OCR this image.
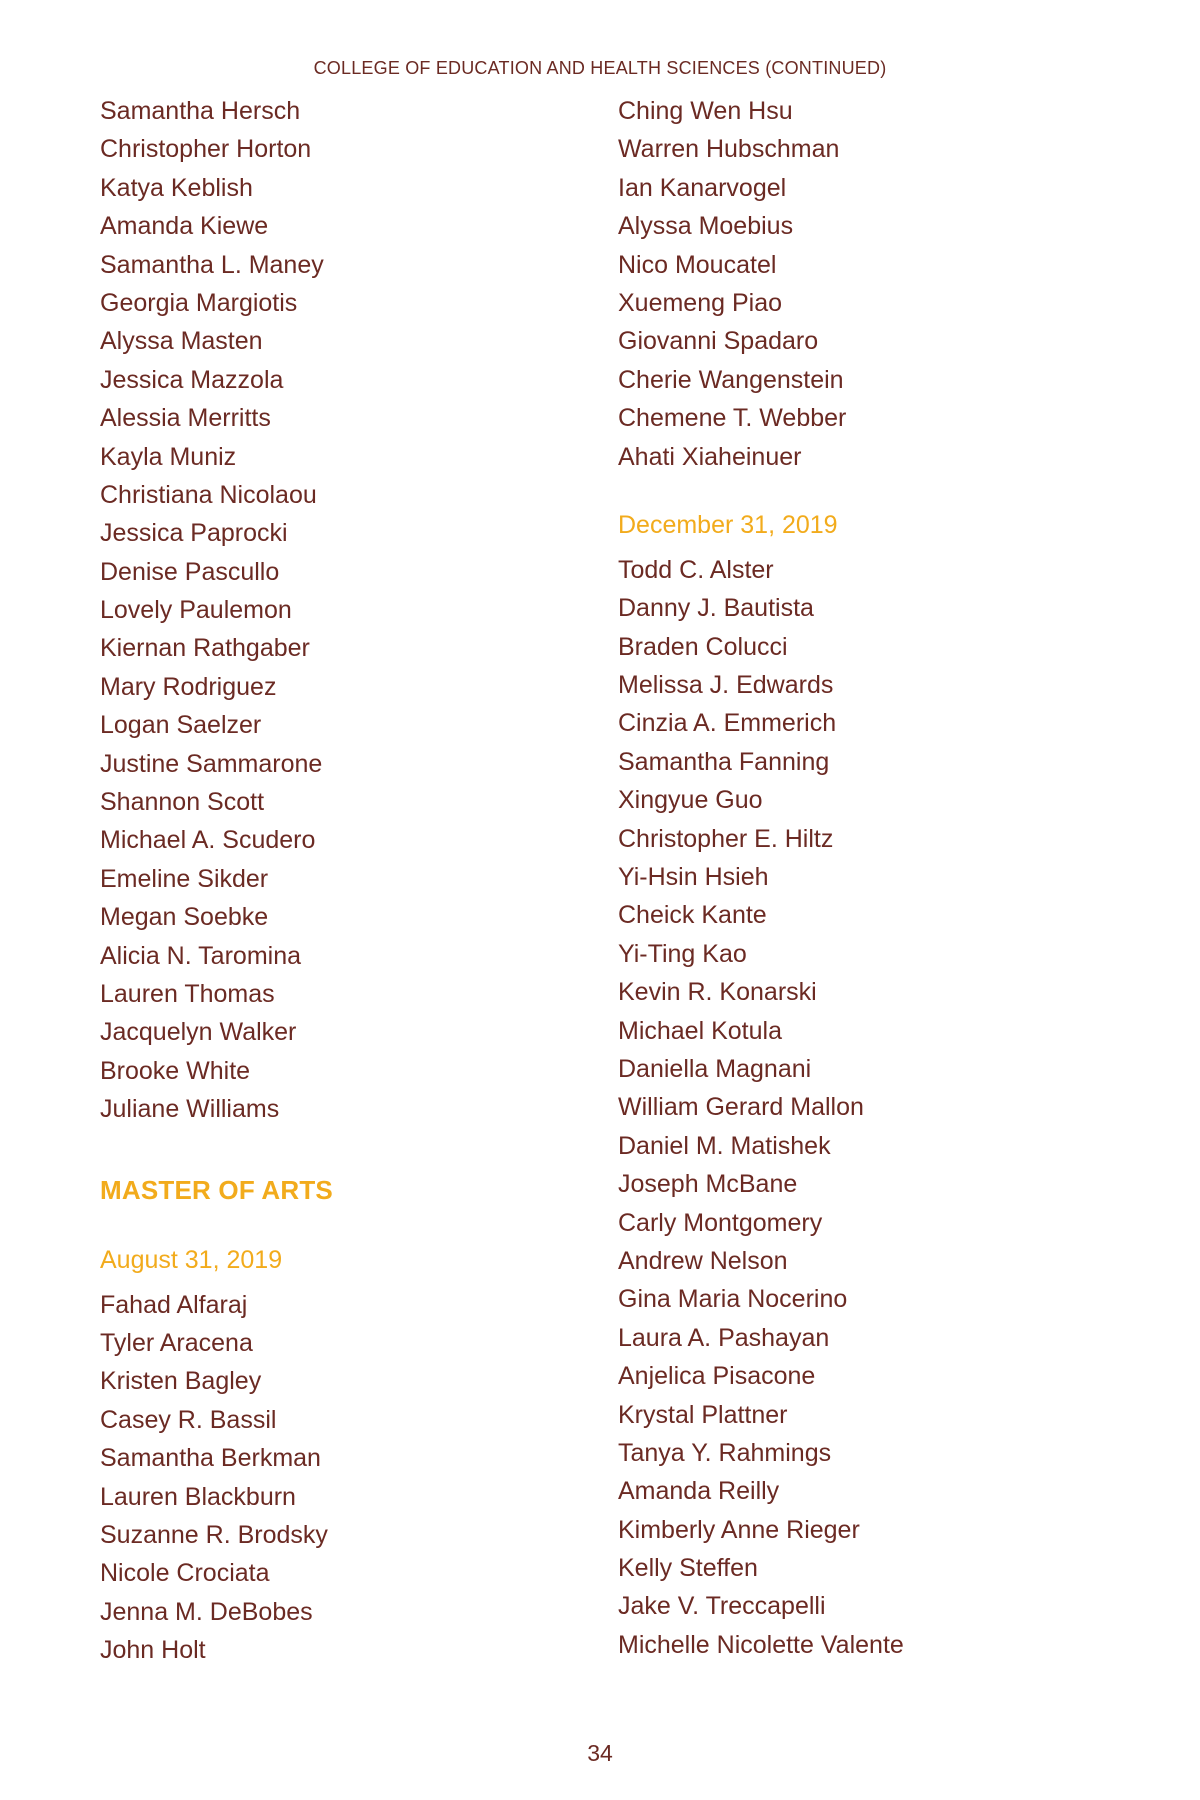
COLLEGE OF EDUCATION AND HEALTH SCIENCES (CONTINUED)
Samantha Hersch
Christopher Horton
Katya Keblish
Amanda Kiewe
Samantha L. Maney
Georgia Margiotis
Alyssa Masten
Jessica Mazzola
Alessia Merritts
Kayla Muniz
Christiana Nicolaou
Jessica Paprocki
Denise Pascullo
Lovely Paulemon
Kiernan Rathgaber
Mary Rodriguez
Logan Saelzer
Justine Sammarone
Shannon Scott
Michael A. Scudero
Emeline Sikder
Megan Soebke
Alicia N. Taromina
Lauren Thomas
Jacquelyn Walker
Brooke White
Juliane Williams
MASTER OF ARTS
August 31, 2019
Fahad Alfaraj
Tyler Aracena
Kristen Bagley
Casey R. Bassil
Samantha Berkman
Lauren Blackburn
Suzanne R. Brodsky
Nicole Crociata
Jenna M. DeBobes
John Holt
Ching Wen Hsu
Warren Hubschman
Ian Kanarvogel
Alyssa Moebius
Nico Moucatel
Xuemeng Piao
Giovanni Spadaro
Cherie Wangenstein
Chemene T. Webber
Ahati Xiaheinuer
December 31, 2019
Todd C. Alster
Danny J. Bautista
Braden Colucci
Melissa J. Edwards
Cinzia A. Emmerich
Samantha Fanning
Xingyue Guo
Christopher E. Hiltz
Yi-Hsin Hsieh
Cheick Kante
Yi-Ting Kao
Kevin R. Konarski
Michael Kotula
Daniella Magnani
William Gerard Mallon
Daniel M. Matishek
Joseph McBane
Carly Montgomery
Andrew Nelson
Gina Maria Nocerino
Laura A. Pashayan
Anjelica Pisacone
Krystal Plattner
Tanya Y. Rahmings
Amanda Reilly
Kimberly Anne Rieger
Kelly Steffen
Jake V. Treccapelli
Michelle Nicolette Valente
34
